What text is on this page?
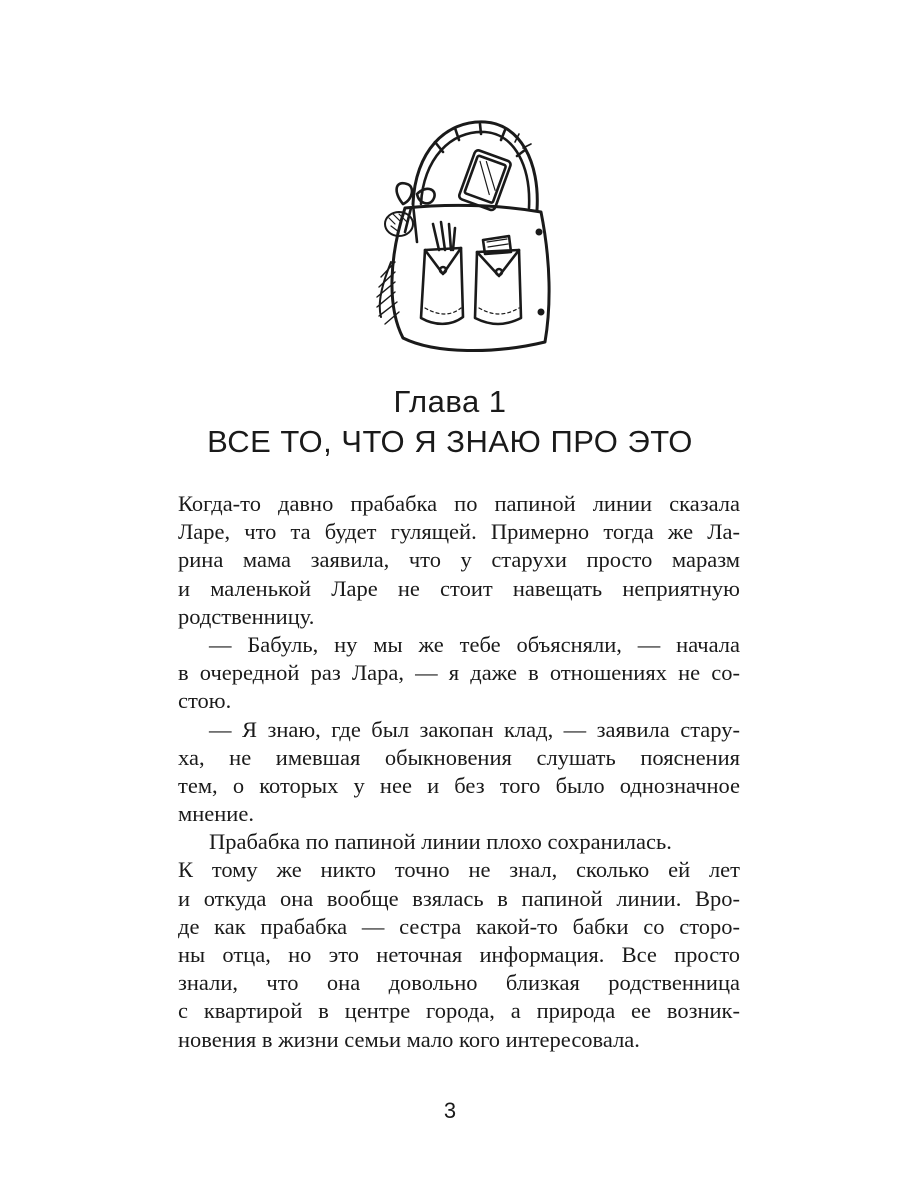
Глава 1
ВСЕ ТО, ЧТО Я ЗНАЮ ПРО ЭТО
Когда-то давно прабабка по папиной линии сказала
Ларе, что та будет гулящей. Примерно тогда же Ла-
рина мама заявила, что у старухи просто маразм
и маленькой Ларе не стоит навещать неприятную
родственницу.
— Бабуль, ну мы же тебе объясняли, — начала
в очередной раз Лара, — я даже в отношениях не со-
стою.
— Я знаю, где был закопан клад, — заявила стару-
ха, не имевшая обыкновения слушать пояснения
тем, о которых у нее и без того было однозначное
мнение.
Прабабка по папиной линии плохо сохранилась.
К тому же никто точно не знал, сколько ей лет
и откуда она вообще взялась в папиной линии. Вро-
де как прабабка — сестра какой-то бабки со сторо-
ны отца, но это неточная информация. Все просто
знали, что она довольно близкая родственница
с квартирой в центре города, а природа ее возник-
новения в жизни семьи мало кого интересовала.
3
